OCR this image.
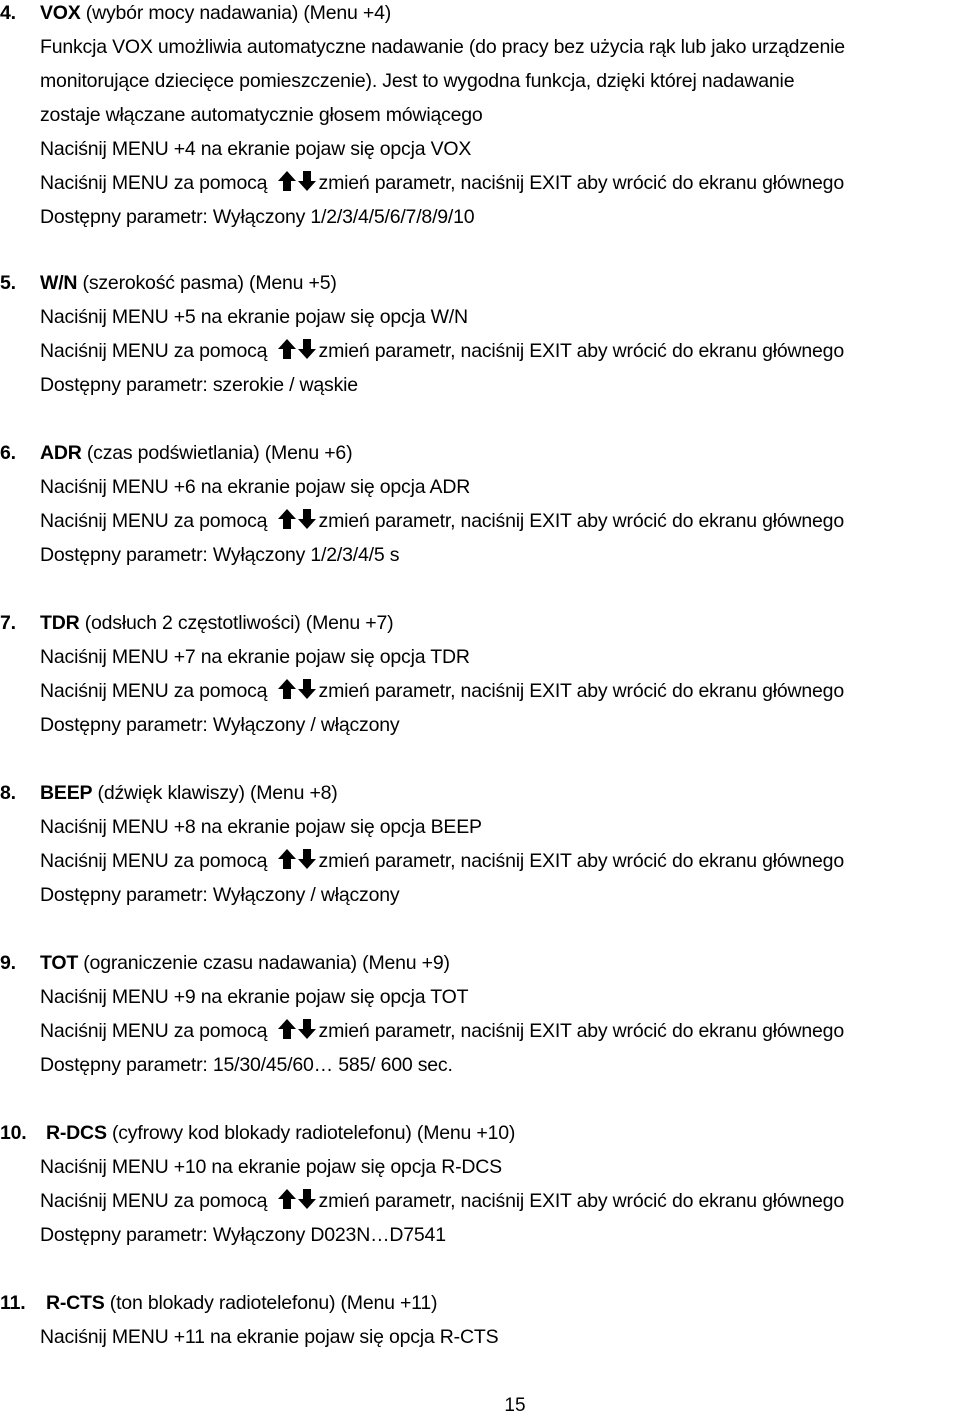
4. VOX (wybór mocy nadawania) (Menu +4)
Funkcja VOX umożliwia automatyczne nadawanie (do pracy bez użycia rąk lub jako urządzenie
monitorujące dziecięce pomieszczenie). Jest to wygodna funkcja, dzięki której nadawanie
zostaje włączane automatycznie głosem mówiącego
Naciśnij MENU +4 na ekranie pojaw się opcja VOX
Naciśnij MENU za pomocą zmień parametr, naciśnij EXIT aby wrócić do ekranu głównego
Dostępny parametr: Wyłączony 1/2/3/4/5/6/7/8/9/10
5. W/N (szerokość pasma) (Menu +5)
Naciśnij MENU +5 na ekranie pojaw się opcja W/N
Naciśnij MENU za pomocą zmień parametr, naciśnij EXIT aby wrócić do ekranu głównego
Dostępny parametr: szerokie / wąskie
6. ADR (czas podświetlania) (Menu +6)
Naciśnij MENU +6 na ekranie pojaw się opcja ADR
Naciśnij MENU za pomocą zmień parametr, naciśnij EXIT aby wrócić do ekranu głównego
Dostępny parametr: Wyłączony 1/2/3/4/5 s
7. TDR (odsłuch 2 częstotliwości) (Menu +7)
Naciśnij MENU +7 na ekranie pojaw się opcja TDR
Naciśnij MENU za pomocą zmień parametr, naciśnij EXIT aby wrócić do ekranu głównego
Dostępny parametr: Wyłączony / włączony
8. BEEP (dźwięk klawiszy) (Menu +8)
Naciśnij MENU +8 na ekranie pojaw się opcja BEEP
Naciśnij MENU za pomocą zmień parametr, naciśnij EXIT aby wrócić do ekranu głównego
Dostępny parametr: Wyłączony / włączony
9. TOT (ograniczenie czasu nadawania) (Menu +9)
Naciśnij MENU +9 na ekranie pojaw się opcja TOT
Naciśnij MENU za pomocą zmień parametr, naciśnij EXIT aby wrócić do ekranu głównego
Dostępny parametr: 15/30/45/60… 585/ 600 sec.
10. R-DCS (cyfrowy kod blokady radiotelefonu) (Menu +10)
Naciśnij MENU +10 na ekranie pojaw się opcja R-DCS
Naciśnij MENU za pomocą zmień parametr, naciśnij EXIT aby wrócić do ekranu głównego
Dostępny parametr: Wyłączony D023N…D7541
11. R-CTS (ton blokady radiotelefonu) (Menu +11)
Naciśnij MENU +11 na ekranie pojaw się opcja R-CTS
15
